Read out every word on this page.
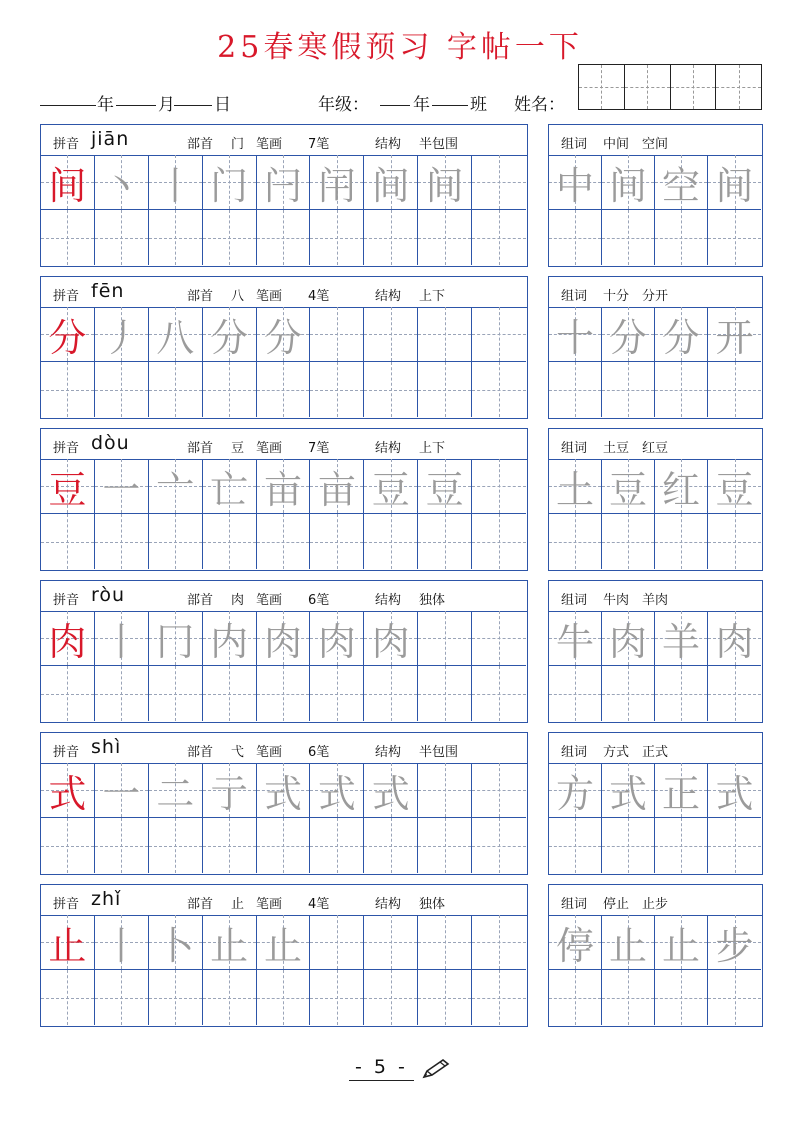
25春寒假预习 字帖一下
年	月 日	年级：	年 班 姓名：
拼音 jiān	部首 门 笔画 7笔	结构 半包围
间 丶 丨 门 闩 闬 间 间
组词 中间　空间
中 间 空 间
拼音 fēn	部首 八 笔画 4笔	结构 上下
分 丿 八 分 分
组词 十分　分开
十 分 分 开
拼音 dòu	部首 豆 笔画 7笔	结构 上下
豆 一 亠 亡 亩 亩 豆 豆
组词 土豆　红豆
土 豆 红 豆
拼音 ròu	部首 肉 笔画 6笔	结构 独体
肉 丨 冂 内 肉 肉 肉
组词 牛肉　羊肉
牛 肉 羊 肉
拼音 shì	部首 弋 笔画 6笔	结构 半包围
式 一 二 亍 式 式 式
组词 方式　正式
方 式 正 式
拼音 zhǐ	部首 止 笔画 4笔	结构 独体
止 丨 卜 止 止
组词 停止　止步
停 止 止 步
- 5 -
